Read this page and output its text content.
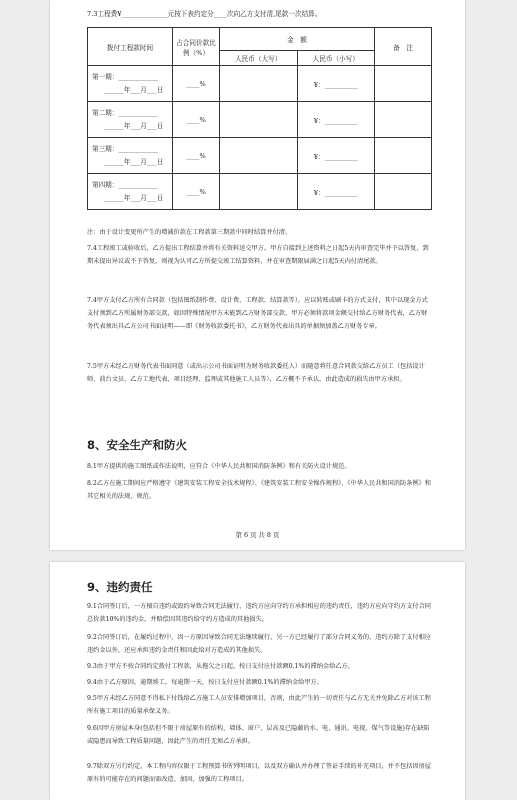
7.3工程费¥______________元按下表约定分____次向乙方支付清,尾款一次结算。
拨付工程款时间	占合同价款比例（%）	金　额		备　注
		人民币（大写）	人民币（小写）	

第一期：____________
______年___月___日	____%		¥：__________	

第二期：____________
______年___月___日	____%		¥：__________	

第三期：____________
______年___月___日	____%		¥：__________	

第四期：____________
______年___月___日	____%		¥：__________	
注：由于设计变更所产生的增减价款在工程款第三期款中同时结算并付清。
7.4工程竣工或验收后，乙方提出工程结算并将有关资料送交甲方。甲方自接到上述资料之日起5天内审查完毕并予以答复，到期未提出异议或不予答复，则视为认可乙方所提交竣工结算资料，并在审查期限届满之日起5天内付清尾款。
7.4甲方支付乙方所有合同款（包括图纸制作费、设计费、工程款、结算款等），应以转账或刷卡的方式支付，其中以现金方式支付须到乙方所属财务部交款，如因特殊情况甲方未能到乙方财务部交款，甲方必须将款项金额交付给乙方财务代表，乙方财务代表须出具乙方公司书面证明——即《财务收款委托书》，乙方财务代表出具的单据须加盖乙方财务专章。
7.5甲方未经乙方财务代表书面同意（或出示公司书面证明为财务收款委托人）而随意将任意合同款交给乙方员工（包括设计师、前台文员、乙方工地代表、项目经理、监理或其他施工人员等），乙方概不予承认，由此造成的损失由甲方承担。
8、安全生产和防火
8.1甲方提供的施工图纸或作法说明，应符合《中华人民共和国消防条例》和有关防火设计规范。
8.2乙方在施工期间应严格遵守《建筑安装工程安全技术规程》、《建筑安装工程安全操作规程》、《中华人民共和国消防条例》和其它相关的法规、规范。
第 6 页 共 8 页
9、违约责任
9.1合同签订后，一方擅自违约或毁约导致合同无法履行，违约方应向守约方承担相应的违约责任，违约方应向守约方支付合同总价款10%的违约金，并赔偿因其违约给守约方造成的其他损失。
9.2合同签订后，在履约过程中，因一方原因导致合同无法继续履行，另一方已经履行了部分合同义务的，违约方除了支付相应违约金以外，还应承担违约金责任和因此给对方造成的其他损失。
9.3由于甲方不按合同约定拨付工程款，从拖欠之日起，按日支付应付款额0.1%的滞纳金给乙方。
9.4由于乙方原因，逾期竣工，每逾期一天，按日支付应付款额0.1%的滞纳金给甲方。
9.5甲方未经乙方同意不得私下付钱给乙方施工人员安排增加项目，否则，由此产生的一切责任与乙方无关并免除乙方对该工程所有施工项目的质量承保义务。
9.6因甲方房屋本身(包括但不限于房屋原有的结构、墙体、窗户、层高及已隐蔽的水、电、通讯、电视、煤气等设施)存在缺陷或隐患而导致工程质量问题，因此产生的责任无须乙方承担。
9.7除双方另行约定，本工程内容仅限于工程预算书所列明项目，以及双方确认并办理了签证手续的补充项目，并不包括因房屋原有的可能存在的问题而需改造、加固、加强的工程项目。
